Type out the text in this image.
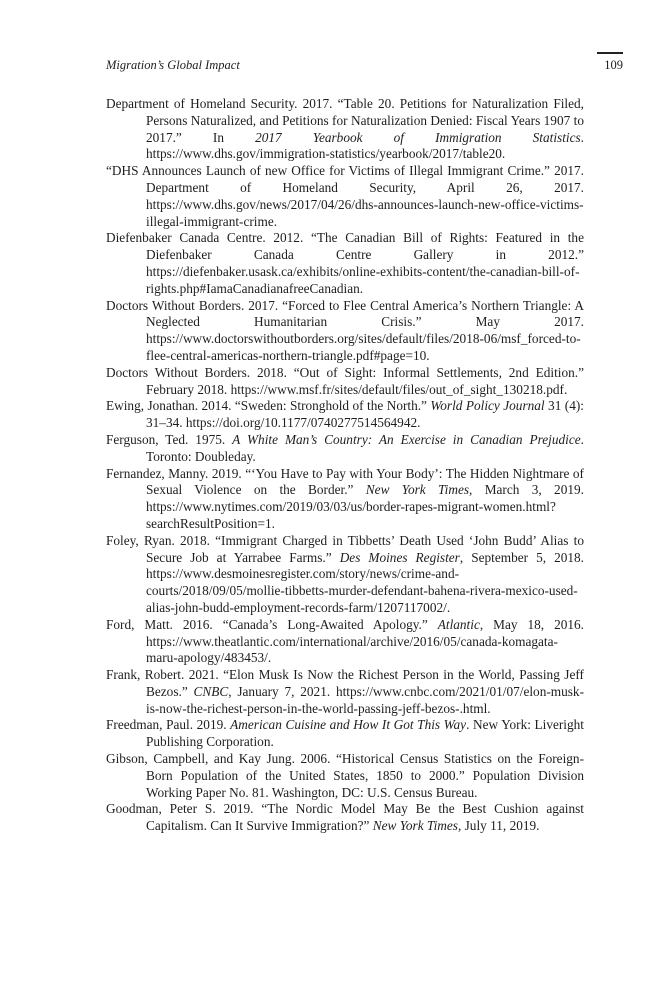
Migration’s Global Impact	109
Department of Homeland Security. 2017. “Table 20. Petitions for Naturalization Filed, Persons Naturalized, and Petitions for Naturalization Denied: Fiscal Years 1907 to 2017.” In 2017 Yearbook of Immigration Statistics. https://www.dhs.gov/immigration-statistics/yearbook/2017/table20.
“DHS Announces Launch of new Office for Victims of Illegal Immigrant Crime.” 2017. Department of Homeland Security, April 26, 2017. https://www.dhs.gov/news/2017/04/26/dhs-announces-launch-new-office-victims-illegal-immigrant-crime.
Diefenbaker Canada Centre. 2012. “The Canadian Bill of Rights: Featured in the Diefenbaker Canada Centre Gallery in 2012.” https://diefenbaker.usask.ca/exhibits/online-exhibits-content/the-canadian-bill-of-rights.php#IamaCanadianafreeCanadian.
Doctors Without Borders. 2017. “Forced to Flee Central America’s Northern Triangle: A Neglected Humanitarian Crisis.” May 2017. https://www.doctorswithoutborders.org/sites/default/files/2018-06/msf_forced-to-flee-central-americas-northern-triangle.pdf#page=10.
Doctors Without Borders. 2018. “Out of Sight: Informal Settlements, 2nd Edition.” February 2018. https://www.msf.fr/sites/default/files/out_of_sight_130218.pdf.
Ewing, Jonathan. 2014. “Sweden: Stronghold of the North.” World Policy Journal 31 (4): 31–34. https://doi.org/10.1177/0740277514564942.
Ferguson, Ted. 1975. A White Man’s Country: An Exercise in Canadian Prejudice. Toronto: Doubleday.
Fernandez, Manny. 2019. “‘You Have to Pay with Your Body’: The Hidden Nightmare of Sexual Violence on the Border.” New York Times, March 3, 2019. https://www.nytimes.com/2019/03/03/us/border-rapes-migrant-women.html?searchResultPosition=1.
Foley, Ryan. 2018. “Immigrant Charged in Tibbetts’ Death Used ‘John Budd’ Alias to Secure Job at Yarrabee Farms.” Des Moines Register, September 5, 2018. https://www.desmoinesregister.com/story/news/crime-and-courts/2018/09/05/mollie-tibbetts-murder-defendant-bahena-rivera-mexico-used-alias-john-budd-employment-records-farm/1207117002/.
Ford, Matt. 2016. “Canada’s Long-Awaited Apology.” Atlantic, May 18, 2016. https://www.theatlantic.com/international/archive/2016/05/canada-komagata-maru-apology/483453/.
Frank, Robert. 2021. “Elon Musk Is Now the Richest Person in the World, Passing Jeff Bezos.” CNBC, January 7, 2021. https://www.cnbc.com/2021/01/07/elon-musk-is-now-the-richest-person-in-the-world-passing-jeff-bezos-.html.
Freedman, Paul. 2019. American Cuisine and How It Got This Way. New York: Liveright Publishing Corporation.
Gibson, Campbell, and Kay Jung. 2006. “Historical Census Statistics on the Foreign-Born Population of the United States, 1850 to 2000.” Population Division Working Paper No. 81. Washington, DC: U.S. Census Bureau.
Goodman, Peter S. 2019. “The Nordic Model May Be the Best Cushion against Capitalism. Can It Survive Immigration?” New York Times, July 11, 2019.
